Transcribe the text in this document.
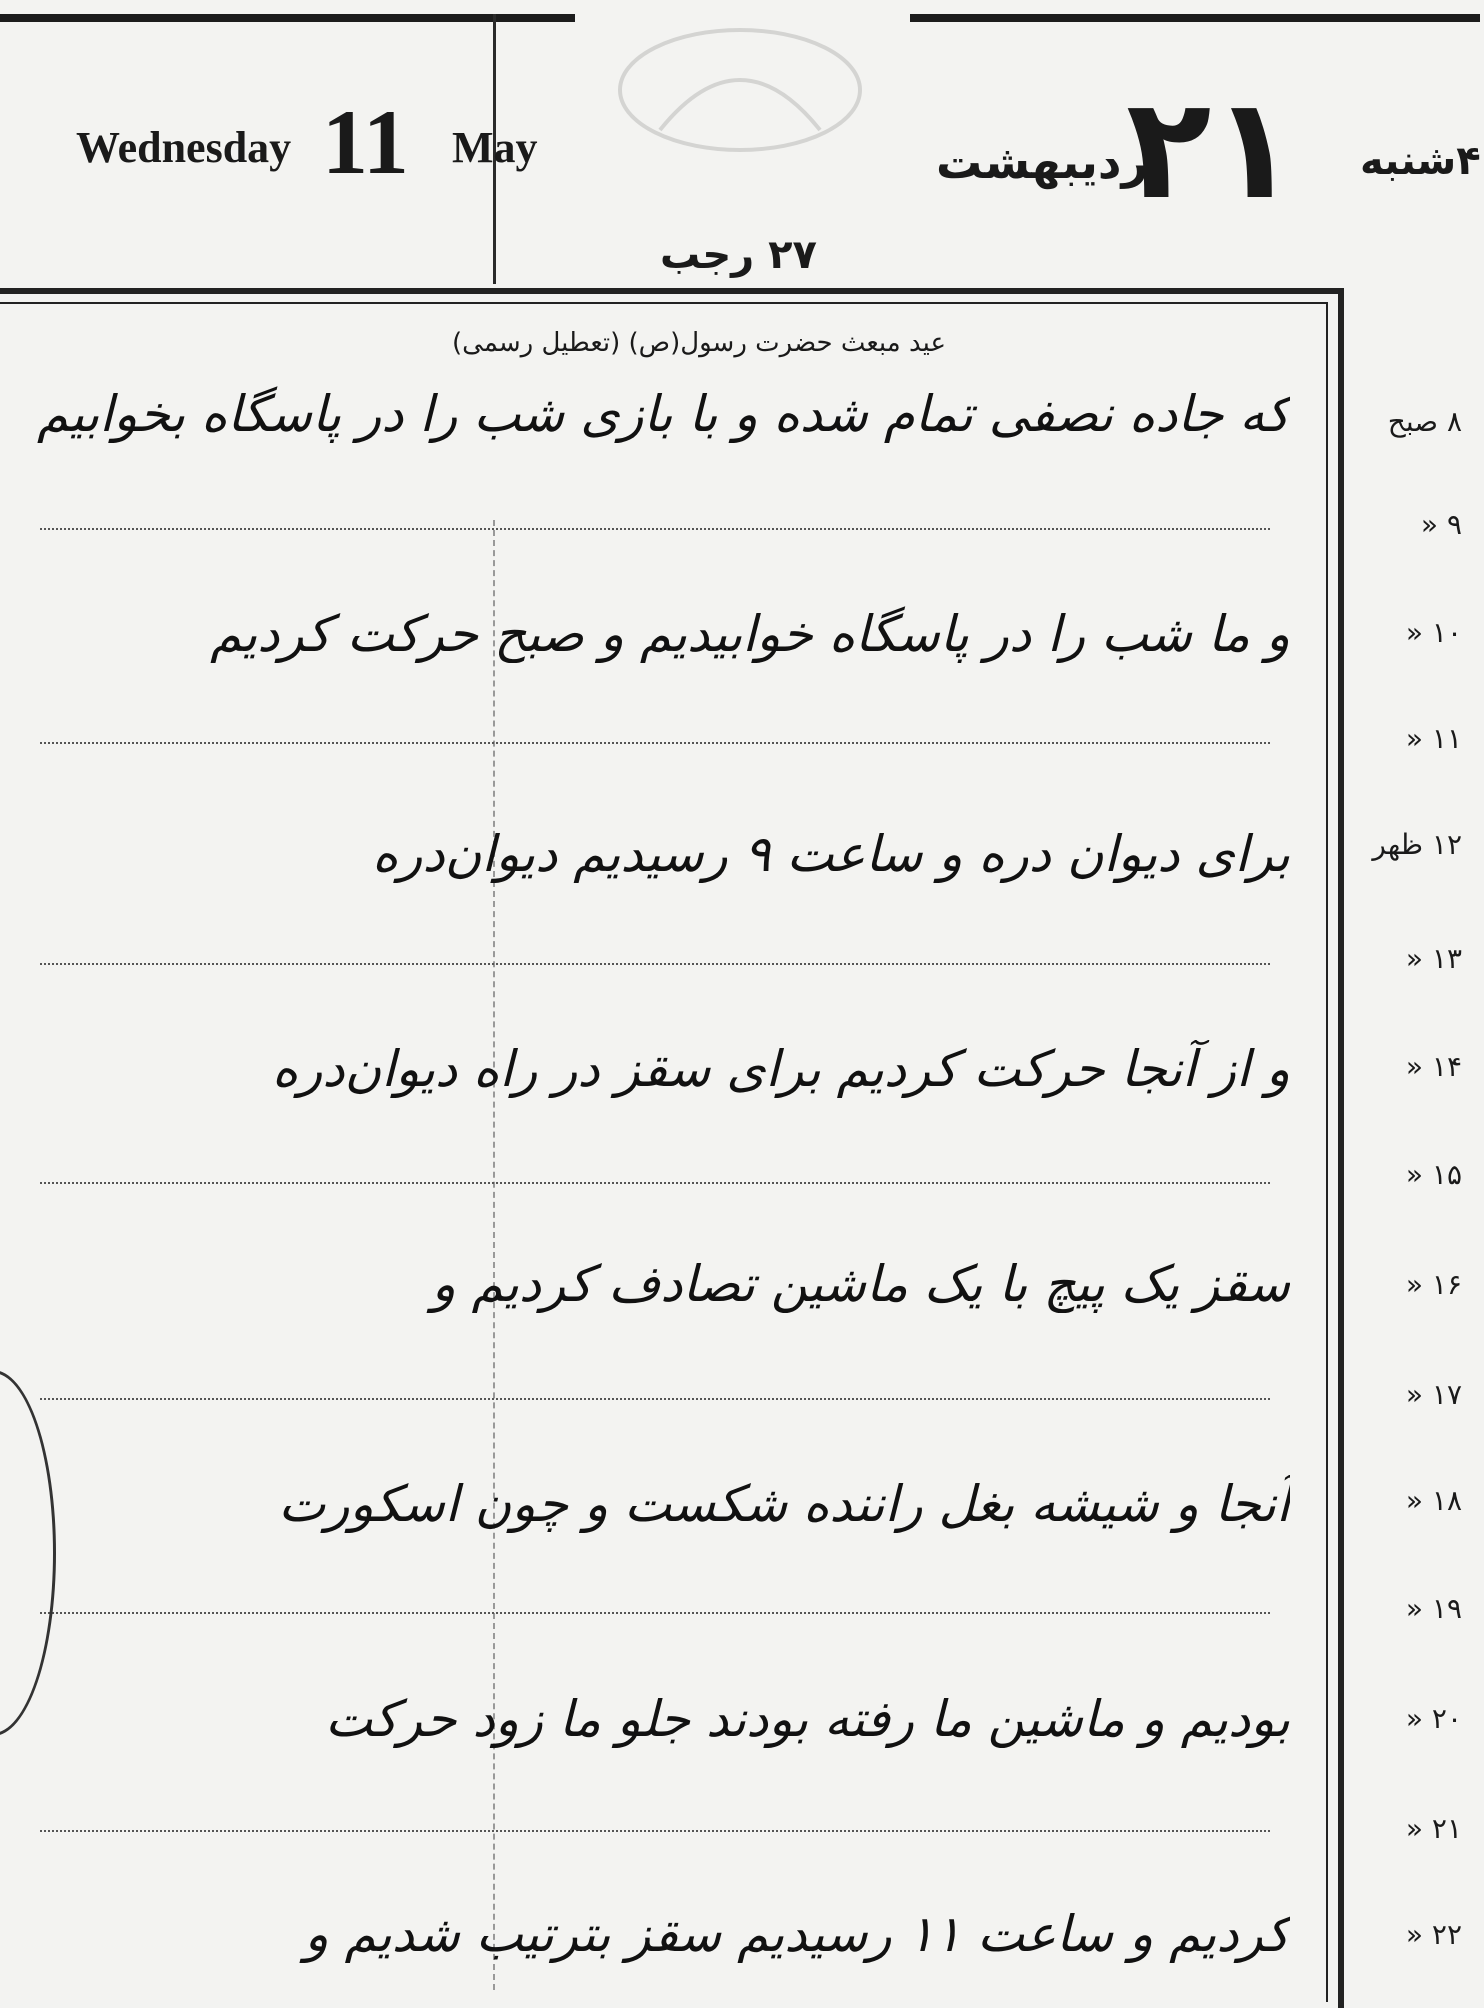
Wednesday 11 May	اردیبهشت
۲۱ ۴شنبه
۲۷ رجب
عید مبعث حضرت رسول(ص) (تعطیل رسمی)
۸ صبح
۹ «
۱۰ «
۱۱ «
۱۲ ظهر
۱۳ «
۱۴ «
۱۵ «
۱۶ «
۱۷ «
۱۸ «
۱۹ «
۲۰ «
۲۱ «
۲۲ «
که جاده نصفی تمام شده و با بازی شب را در پاسگاه بخوابیم
و ما شب را در پاسگاه خوابیدیم و صبح حرکت کردیم
برای دیوان دره و ساعت ۹ رسیدیم دیوان‌دره
و از آنجا حرکت کردیم برای سقز در راه دیوان‌دره
سقز یک پیچ با یک ماشین تصادف کردیم و
آنجا و شیشه بغل راننده شکست و چون اسکورت
بودیم و ماشین ما رفته بودند جلو ما زود حرکت
کردیم و ساعت ۱۱ رسیدیم سقز بترتیب شدیم و
